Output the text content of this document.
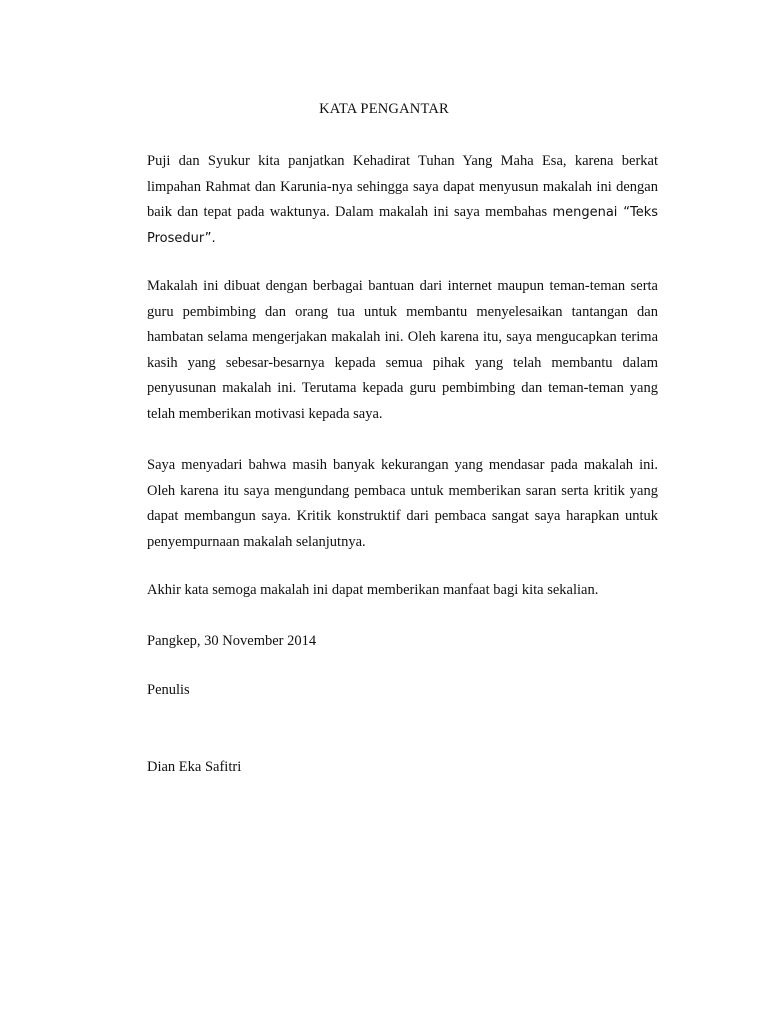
KATA PENGANTAR

Puji dan Syukur kita panjatkan Kehadirat Tuhan Yang Maha Esa, karena berkat limpahan Rahmat dan Karunia-nya sehingga saya dapat menyusun makalah ini dengan baik dan tepat pada waktunya. Dalam makalah ini saya membahas mengenai “Teks Prosedur”.

Makalah ini dibuat dengan berbagai bantuan dari internet maupun teman-teman serta guru pembimbing dan orang tua untuk membantu menyelesaikan tantangan dan hambatan selama mengerjakan makalah ini. Oleh karena itu, saya mengucapkan terima kasih yang sebesar-besarnya kepada semua pihak yang telah membantu dalam penyusunan makalah ini. Terutama kepada guru pembimbing dan teman-teman yang telah memberikan motivasi kepada saya.

Saya menyadari bahwa masih banyak kekurangan yang mendasar pada makalah ini. Oleh karena itu saya mengundang pembaca untuk memberikan saran serta kritik yang dapat membangun saya. Kritik konstruktif dari pembaca sangat saya harapkan untuk penyempurnaan makalah selanjutnya.

Akhir kata semoga makalah ini dapat memberikan manfaat bagi kita sekalian.

Pangkep, 30 November 2014

Penulis

Dian Eka Safitri
